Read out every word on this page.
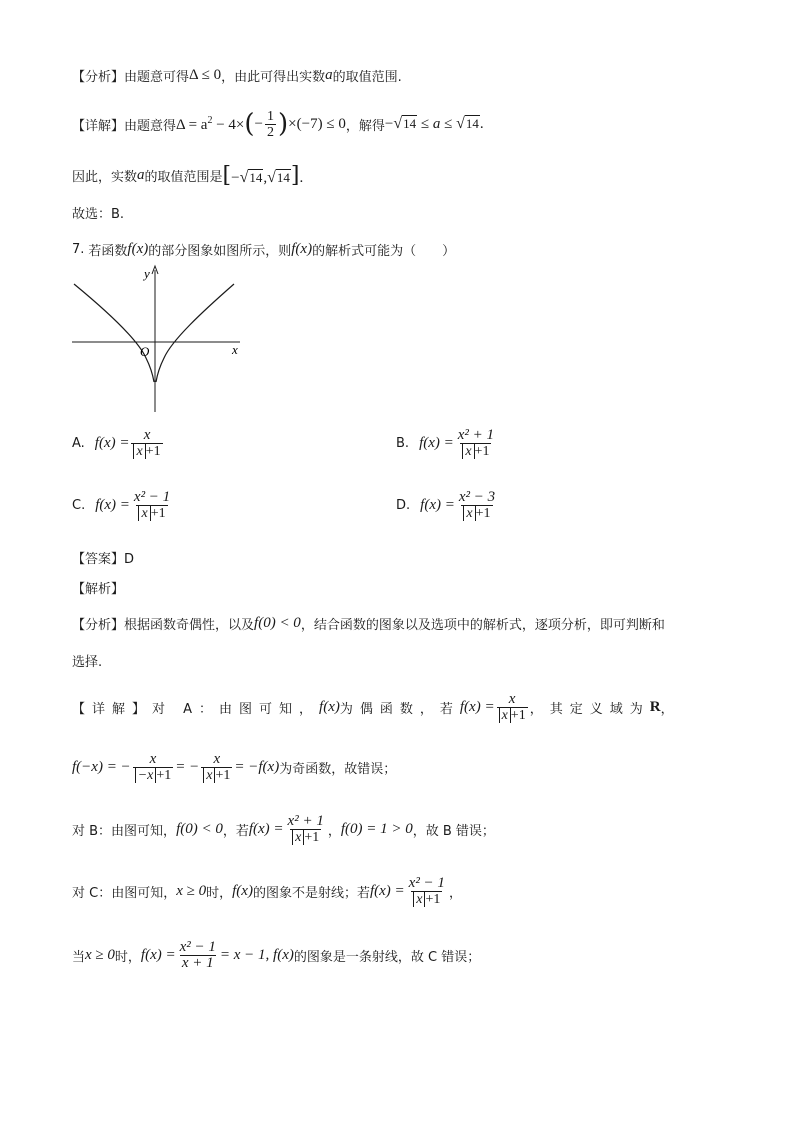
【分析】 由题意可得 Δ ≤ 0 ，由此可得出实数 a 的取值范围.
【详解】 由题意得 $\Delta = a^2 - 4\times$ ( − $\frac{1}{2}$ ) ×(−7) ≤ 0 ，解得 −√14 ≤ a ≤ √14.
因此，实数 a 的取值范围是 [−√14,√14].
故选：B.
7. 若函数 f(x) 的部分图象如图所示，则 f(x) 的解析式可能为（　　）
y
x
O
A. $f(x) = \frac{x}{x +1}$	B. $f(x) = \frac{\text{x² + 1}}{x +1}$
C. $f(x) = \frac{\text{x² − 1}}{x +1}$	D. $f(x) = \frac{\text{x² − 3}}{x +1}$
【答案】D
【解析】
【分析】 根据函数奇偶性，以及 f(0) < 0 ，结合函数的图象以及选项中的解析式，逐项分析，即可判断和
选择.
【详解】 对 A：由图可知， f(x) 为偶函数，若 $f(x) = \frac{x}{x +1}$ ，其定义域为 R ，
f(−x) = − $\frac{x}{-x +1}$ = − $\frac{x}{x +1} = -f(x)$ 为奇函数，故错误；
对 B：由图可知， f(0) < 0 ，若 $f(x) = \frac{\text{x² + 1}}{x +1}$ ， f(0) = 1 > 0 ，故 B 错误；
对 C：由图可知， x ≥ 0 时， f(x) 的图象不是射线；若 $f(x) = \frac{\text{x² − 1}}{x +1}$ ，
当 x ≥ 0 时， $f(x) = \frac{\text{x² − 1}}{x + 1} = x - 1$, f(x) 的图象是一条射线，故 C 错误；
